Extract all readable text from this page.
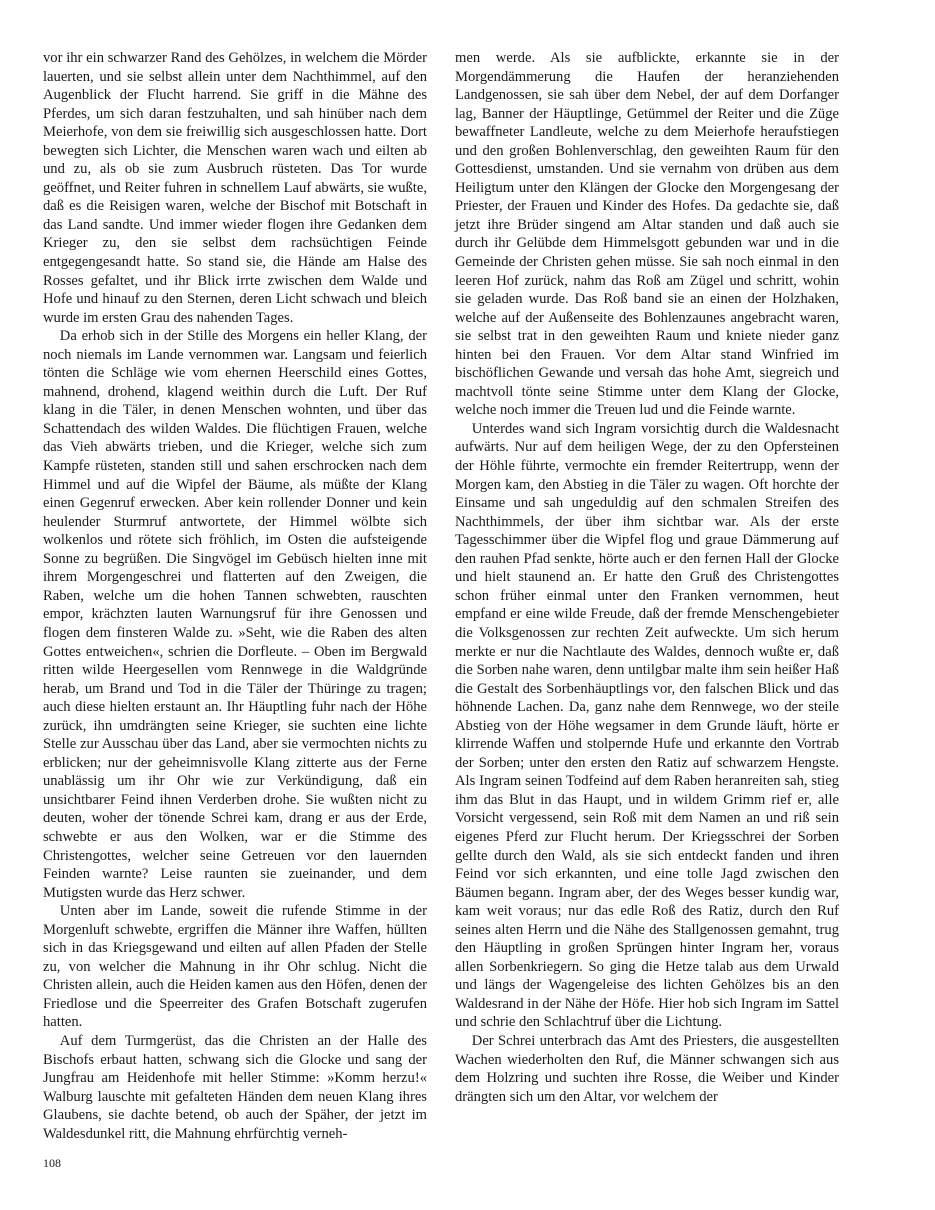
vor ihr ein schwarzer Rand des Gehölzes, in welchem die Mörder lauerten, und sie selbst allein unter dem Nachthimmel, auf den Augenblick der Flucht harrend. Sie griff in die Mähne des Pferdes, um sich daran festzuhalten, und sah hinüber nach dem Meierhofe, von dem sie freiwillig sich ausgeschlossen hatte. Dort bewegten sich Lichter, die Menschen waren wach und eilten ab und zu, als ob sie zum Ausbruch rüsteten. Das Tor wurde geöffnet, und Reiter fuhren in schnellem Lauf abwärts, sie wußte, daß es die Reisigen waren, welche der Bischof mit Botschaft in das Land sandte. Und immer wieder flogen ihre Gedanken dem Krieger zu, den sie selbst dem rachsüchtigen Feinde entgegengesandt hatte. So stand sie, die Hände am Halse des Rosses gefaltet, und ihr Blick irrte zwischen dem Walde und Hofe und hinauf zu den Sternen, deren Licht schwach und bleich wurde im ersten Grau des nahenden Tages.

Da erhob sich in der Stille des Morgens ein heller Klang, der noch niemals im Lande vernommen war. Langsam und feierlich tönten die Schläge wie vom ehernen Heerschild eines Gottes, mahnend, drohend, klagend weithin durch die Luft. Der Ruf klang in die Täler, in denen Menschen wohnten, und über das Schattendach des wilden Waldes. Die flüchtigen Frauen, welche das Vieh abwärts trieben, und die Krieger, welche sich zum Kampfe rüsteten, standen still und sahen erschrocken nach dem Himmel und auf die Wipfel der Bäume, als müßte der Klang einen Gegenruf erwecken. Aber kein rollender Donner und kein heulender Sturmruf antwortete, der Himmel wölbte sich wolkenlos und rötete sich fröhlich, im Osten die aufsteigende Sonne zu begrüßen. Die Singvögel im Gebüsch hielten inne mit ihrem Morgengeschrei und flatterten auf den Zweigen, die Raben, welche um die hohen Tannen schwebten, rauschten empor, krächzten lauten Warnungsruf für ihre Genossen und flogen dem finsteren Walde zu. »Seht, wie die Raben des alten Gottes entweichen«, schrien die Dorfleute. – Oben im Bergwald ritten wilde Heergesellen vom Rennwege in die Waldgründe herab, um Brand und Tod in die Täler der Thüringe zu tragen; auch diese hielten erstaunt an. Ihr Häuptling fuhr nach der Höhe zurück, ihn umdrängten seine Krieger, sie suchten eine lichte Stelle zur Ausschau über das Land, aber sie vermochten nichts zu erblicken; nur der geheimnisvolle Klang zitterte aus der Ferne unablässig um ihr Ohr wie zur Verkündigung, daß ein unsichtbarer Feind ihnen Verderben drohe. Sie wußten nicht zu deuten, woher der tönende Schrei kam, drang er aus der Erde, schwebte er aus den Wolken, war er die Stimme des Christengottes, welcher seine Getreuen vor den lauernden Feinden warnte? Leise raunten sie zueinander, und dem Mutigsten wurde das Herz schwer.

Unten aber im Lande, soweit die rufende Stimme in der Morgenluft schwebte, ergriffen die Männer ihre Waffen, hüllten sich in das Kriegsgewand und eilten auf allen Pfaden der Stelle zu, von welcher die Mahnung in ihr Ohr schlug. Nicht die Christen allein, auch die Heiden kamen aus den Höfen, denen der Friedlose und die Speerreiter des Grafen Botschaft zugerufen hatten.

Auf dem Turmgerüst, das die Christen an der Halle des Bischofs erbaut hatten, schwang sich die Glocke und sang der Jungfrau am Heidenhofe mit heller Stimme: »Komm herzu!« Walburg lauschte mit gefalteten Händen dem neuen Klang ihres Glaubens, sie dachte betend, ob auch der Späher, der jetzt im Waldesdunkel ritt, die Mahnung ehrfürchtig verneh-

men werde. Als sie aufblickte, erkannte sie in der Morgendämmerung die Haufen der heranziehenden Landgenossen, sie sah über dem Nebel, der auf dem Dorfanger lag, Banner der Häuptlinge, Getümmel der Reiter und die Züge bewaffneter Landleute, welche zu dem Meierhofe heraufstiegen und den großen Bohlenverschlag, den geweihten Raum für den Gottesdienst, umstanden. Und sie vernahm von drüben aus dem Heiligtum unter den Klängen der Glocke den Morgengesang der Priester, der Frauen und Kinder des Hofes. Da gedachte sie, daß jetzt ihre Brüder singend am Altar standen und daß auch sie durch ihr Gelübde dem Himmelsgott gebunden war und in die Gemeinde der Christen gehen müsse. Sie sah noch einmal in den leeren Hof zurück, nahm das Roß am Zügel und schritt, wohin sie geladen wurde. Das Roß band sie an einen der Holzhaken, welche auf der Außenseite des Bohlenzaunes angebracht waren, sie selbst trat in den geweihten Raum und kniete nieder ganz hinten bei den Frauen. Vor dem Altar stand Winfried im bischöflichen Gewande und versah das hohe Amt, siegreich und machtvoll tönte seine Stimme unter dem Klang der Glocke, welche noch immer die Treuen lud und die Feinde warnte.

Unterdes wand sich Ingram vorsichtig durch die Waldesnacht aufwärts. Nur auf dem heiligen Wege, der zu den Opfersteinen der Höhle führte, vermochte ein fremder Reitertrupp, wenn der Morgen kam, den Abstieg in die Täler zu wagen. Oft horchte der Einsame und sah ungeduldig auf den schmalen Streifen des Nachthimmels, der über ihm sichtbar war. Als der erste Tagesschimmer über die Wipfel flog und graue Dämmerung auf den rauhen Pfad senkte, hörte auch er den fernen Hall der Glocke und hielt staunend an. Er hatte den Gruß des Christengottes schon früher einmal unter den Franken vernommen, heut empfand er eine wilde Freude, daß der fremde Menschengebieter die Volksgenossen zur rechten Zeit aufweckte. Um sich herum merkte er nur die Nachtlaute des Waldes, dennoch wußte er, daß die Sorben nahe waren, denn untilgbar malte ihm sein heißer Haß die Gestalt des Sorbenhäuptlings vor, den falschen Blick und das höhnende Lachen. Da, ganz nahe dem Rennwege, wo der steile Abstieg von der Höhe wegsamer in dem Grunde läuft, hörte er klirrende Waffen und stolpernde Hufe und erkannte den Vortrab der Sorben; unter den ersten den Ratiz auf schwarzem Hengste. Als Ingram seinen Todfeind auf dem Raben heranreiten sah, stieg ihm das Blut in das Haupt, und in wildem Grimm rief er, alle Vorsicht vergessend, sein Roß mit dem Namen an und riß sein eigenes Pferd zur Flucht herum. Der Kriegsschrei der Sorben gellte durch den Wald, als sie sich entdeckt fanden und ihren Feind vor sich erkannten, und eine tolle Jagd zwischen den Bäumen begann. Ingram aber, der des Weges besser kundig war, kam weit voraus; nur das edle Roß des Ratiz, durch den Ruf seines alten Herrn und die Nähe des Stallgenossen gemahnt, trug den Häuptling in großen Sprüngen hinter Ingram her, voraus allen Sorbenkriegern. So ging die Hetze talab aus dem Urwald und längs der Wagengeleise des lichten Gehölzes bis an den Waldesrand in der Nähe der Höfe. Hier hob sich Ingram im Sattel und schrie den Schlachtruf über die Lichtung.

Der Schrei unterbrach das Amt des Priesters, die ausgestellten Wachen wiederholten den Ruf, die Männer schwangen sich aus dem Holzring und suchten ihre Rosse, die Weiber und Kinder drängten sich um den Altar, vor welchem der

108
